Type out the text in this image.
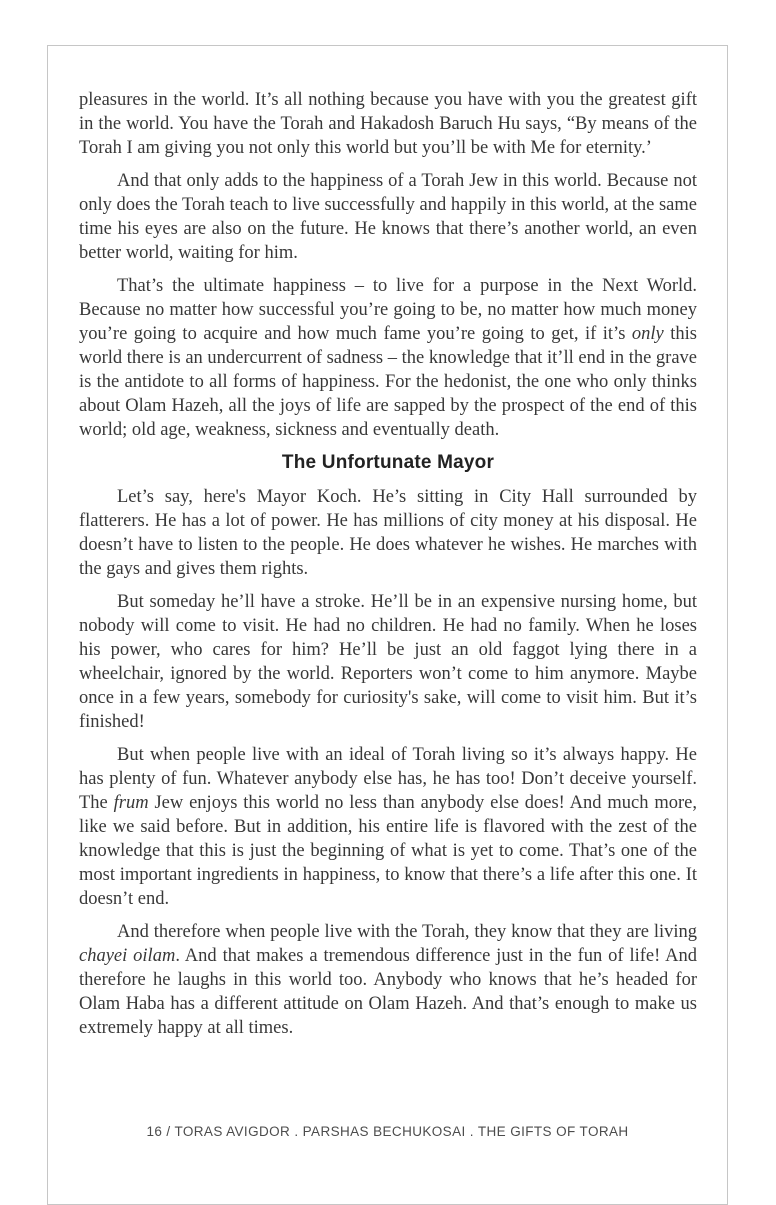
pleasures in the world. It’s all nothing because you have with you the greatest gift in the world. You have the Torah and Hakadosh Baruch Hu says, “By means of the Torah I am giving you not only this world but you’ll be with Me for eternity.’

And that only adds to the happiness of a Torah Jew in this world. Because not only does the Torah teach to live successfully and happily in this world, at the same time his eyes are also on the future. He knows that there’s another world, an even better world, waiting for him.

That’s the ultimate happiness – to live for a purpose in the Next World. Because no matter how successful you’re going to be, no matter how much money you’re going to acquire and how much fame you’re going to get, if it’s only this world there is an undercurrent of sadness – the knowledge that it’ll end in the grave is the antidote to all forms of happiness. For the hedonist, the one who only thinks about Olam Hazeh, all the joys of life are sapped by the prospect of the end of this world; old age, weakness, sickness and eventually death.

The Unfortunate Mayor

Let’s say, here's Mayor Koch. He’s sitting in City Hall surrounded by flatterers. He has a lot of power. He has millions of city money at his disposal. He doesn’t have to listen to the people. He does whatever he wishes. He marches with the gays and gives them rights.

But someday he’ll have a stroke. He’ll be in an expensive nursing home, but nobody will come to visit. He had no children. He had no family. When he loses his power, who cares for him? He’ll be just an old faggot lying there in a wheelchair, ignored by the world. Reporters won’t come to him anymore. Maybe once in a few years, somebody for curiosity's sake, will come to visit him. But it’s finished!

But when people live with an ideal of Torah living so it’s always happy. He has plenty of fun. Whatever anybody else has, he has too! Don’t deceive yourself. The frum Jew enjoys this world no less than anybody else does! And much more, like we said before. But in addition, his entire life is flavored with the zest of the knowledge that this is just the beginning of what is yet to come. That’s one of the most important ingredients in happiness, to know that there’s a life after this one. It doesn’t end.

And therefore when people live with the Torah, they know that they are living chayei oilam. And that makes a tremendous difference just in the fun of life! And therefore he laughs in this world too. Anybody who knows that he’s headed for Olam Haba has a different attitude on Olam Hazeh. And that’s enough to make us extremely happy at all times.

16 / TORAS AVIGDOR . PARSHAS BECHUKOSAI . THE GIFTS OF TORAH
